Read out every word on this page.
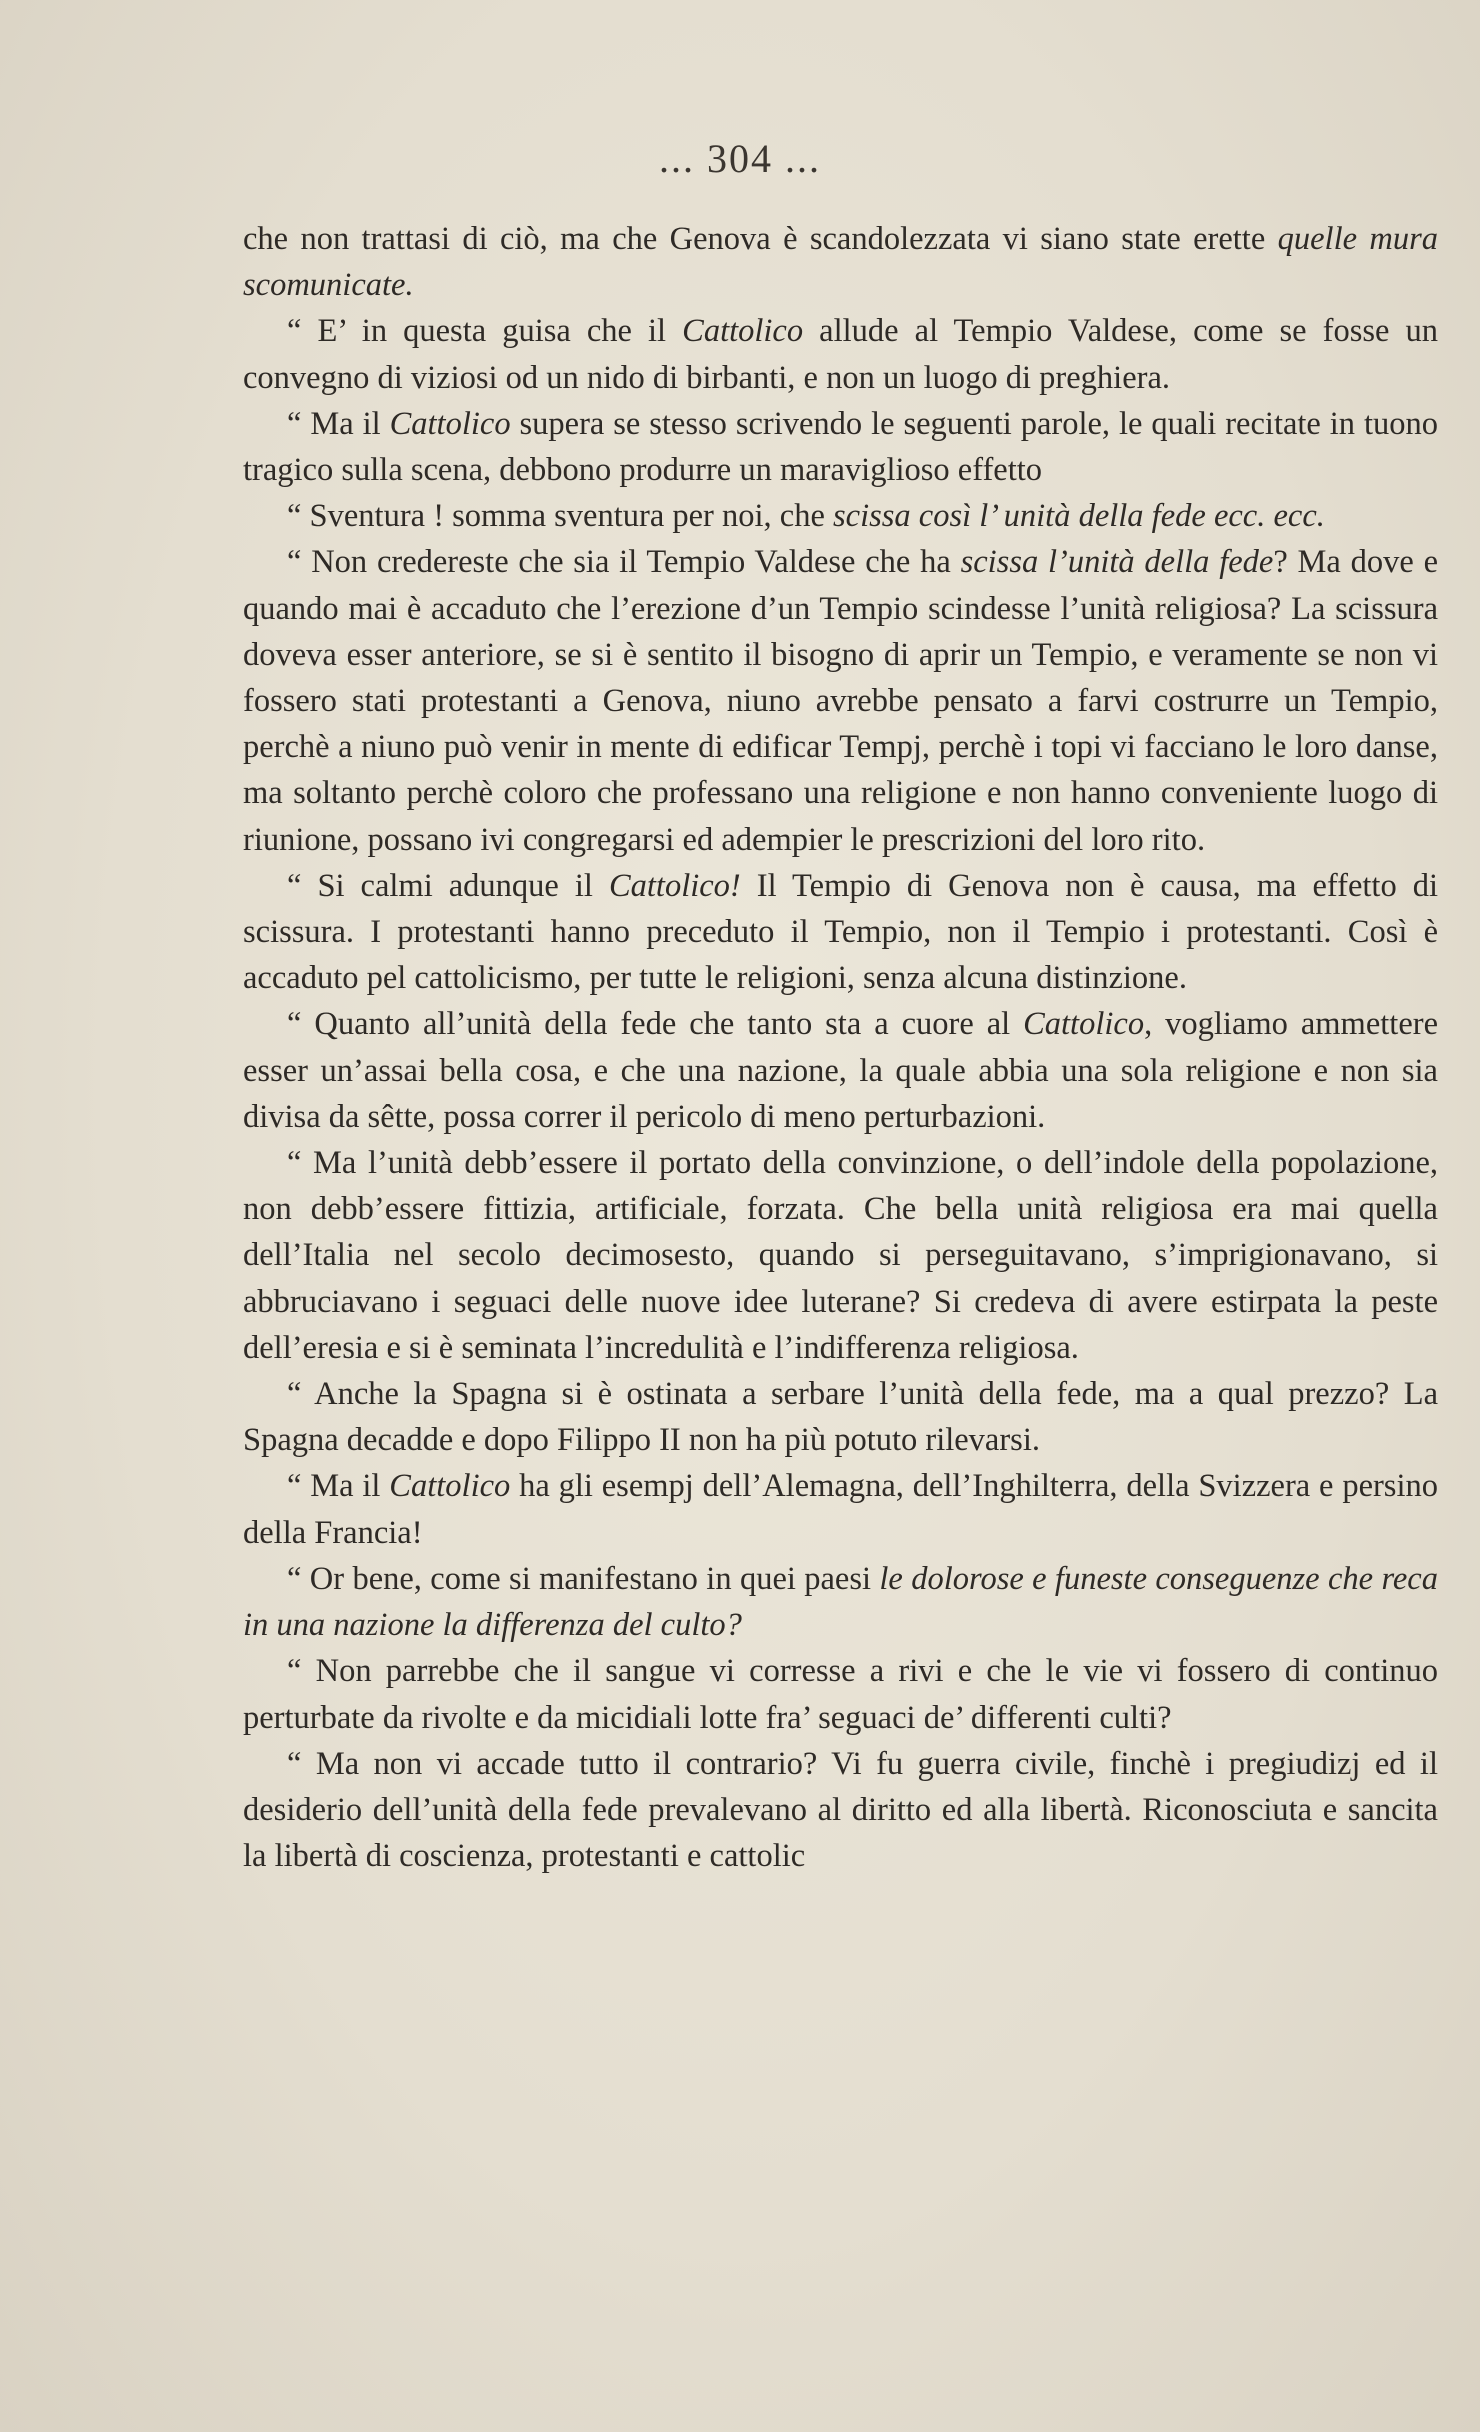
... 304 ...

che non trattasi di ciò, ma che Genova è scandolezzata vi siano state erette quelle mura scomunicate.

“ E’ in questa guisa che il Cattolico allude al Tempio Valdese, come se fosse un convegno di viziosi od un nido di birbanti, e non un luogo di preghiera.

“ Ma il Cattolico supera se stesso scrivendo le seguenti parole, le quali recitate in tuono tragico sulla scena, debbono produrre un maraviglioso effetto

“ Sventura ! somma sventura per noi, che scissa così l’ unità della fede ecc. ecc.

“ Non credereste che sia il Tempio Valdese che ha scissa l’unità della fede? Ma dove e quando mai è accaduto che l’erezione d’un Tempio scindesse l’unità religiosa? La scissura doveva esser anteriore, se si è sentito il bisogno di aprir un Tempio, e veramente se non vi fossero stati protestanti a Genova, niuno avrebbe pensato a farvi costrurre un Tempio, perchè a niuno può venir in mente di edificar Tempj, perchè i topi vi facciano le loro danse, ma soltanto perchè coloro che professano una religione e non hanno conveniente luogo di riunione, possano ivi congregarsi ed adempier le prescrizioni del loro rito.

“ Si calmi adunque il Cattolico! Il Tempio di Genova non è causa, ma effetto di scissura. I protestanti hanno preceduto il Tempio, non il Tempio i protestanti. Così è accaduto pel cattolicismo, per tutte le religioni, senza alcuna distinzione.

“ Quanto all’unità della fede che tanto sta a cuore al Cattolico, vogliamo ammettere esser un’assai bella cosa, e che una nazione, la quale abbia una sola religione e non sia divisa da sêtte, possa correr il pericolo di meno perturbazioni.

“ Ma l’unità debb’essere il portato della convinzione, o dell’indole della popolazione, non debb’essere fittizia, artificiale, forzata. Che bella unità religiosa era mai quella dell’Italia nel secolo decimosesto, quando si perseguitavano, s’imprigionavano, si abbruciavano i seguaci delle nuove idee luterane? Si credeva di avere estirpata la peste dell’eresia e si è seminata l’incredulità e l’indifferenza religiosa.

“ Anche la Spagna si è ostinata a serbare l’unità della fede, ma a qual prezzo? La Spagna decadde e dopo Filippo II non ha più potuto rilevarsi.

“ Ma il Cattolico ha gli esempj dell’Alemagna, dell’Inghilterra, della Svizzera e persino della Francia!

“ Or bene, come si manifestano in quei paesi le dolorose e funeste conseguenze che reca in una nazione la differenza del culto?

“ Non parrebbe che il sangue vi corresse a rivi e che le vie vi fossero di continuo perturbate da rivolte e da micidiali lotte fra’ seguaci de’ differenti culti?

“ Ma non vi accade tutto il contrario? Vi fu guerra civile, finchè i pregiudizj ed il desiderio dell’unità della fede prevalevano al diritto ed alla libertà. Riconosciuta e sancita la libertà di coscienza, protestanti e cattolic
